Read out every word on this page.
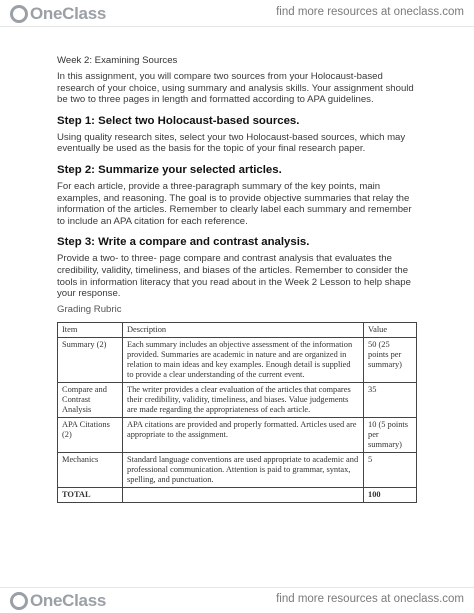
OneClass	find more resources at oneclass.com

Week 2: Examining Sources

In this assignment, you will compare two sources from your Holocaust-based research of your choice, using summary and analysis skills. Your assignment should be two to three pages in length and formatted according to APA guidelines.

Step 1: Select two Holocaust-based sources.

Using quality research sites, select your two Holocaust-based sources, which may eventually be used as the basis for the topic of your final research paper.

Step 2: Summarize your selected articles.

For each article, provide a three-paragraph summary of the key points, main examples, and reasoning. The goal is to provide objective summaries that relay the information of the articles. Remember to clearly label each summary and remember to include an APA citation for each reference.

Step 3: Write a compare and contrast analysis.

Provide a two- to three- page compare and contrast analysis that evaluates the credibility, validity, timeliness, and biases of the articles. Remember to consider the tools in information literacy that you read about in the Week 2 Lesson to help shape your response.

Grading Rubric

Item	Description	Value
Summary (2)	Each summary includes an objective assessment of the information provided. Summaries are academic in nature and are organized in relation to main ideas and key examples. Enough detail is supplied to provide a clear understanding of the current event.	50 (25 points per summary)
Compare and Contrast Analysis	The writer provides a clear evaluation of the articles that compares their credibility, validity, timeliness, and biases. Value judgements are made regarding the appropriateness of each article.	35
APA Citations (2)	APA citations are provided and properly formatted. Articles used are appropriate to the assignment.	10 (5 points per summary)
Mechanics	Standard language conventions are used appropriate to academic and professional communication. Attention is paid to grammar, syntax, spelling, and punctuation.	5
TOTAL		100
OneClass	find more resources at oneclass.com
